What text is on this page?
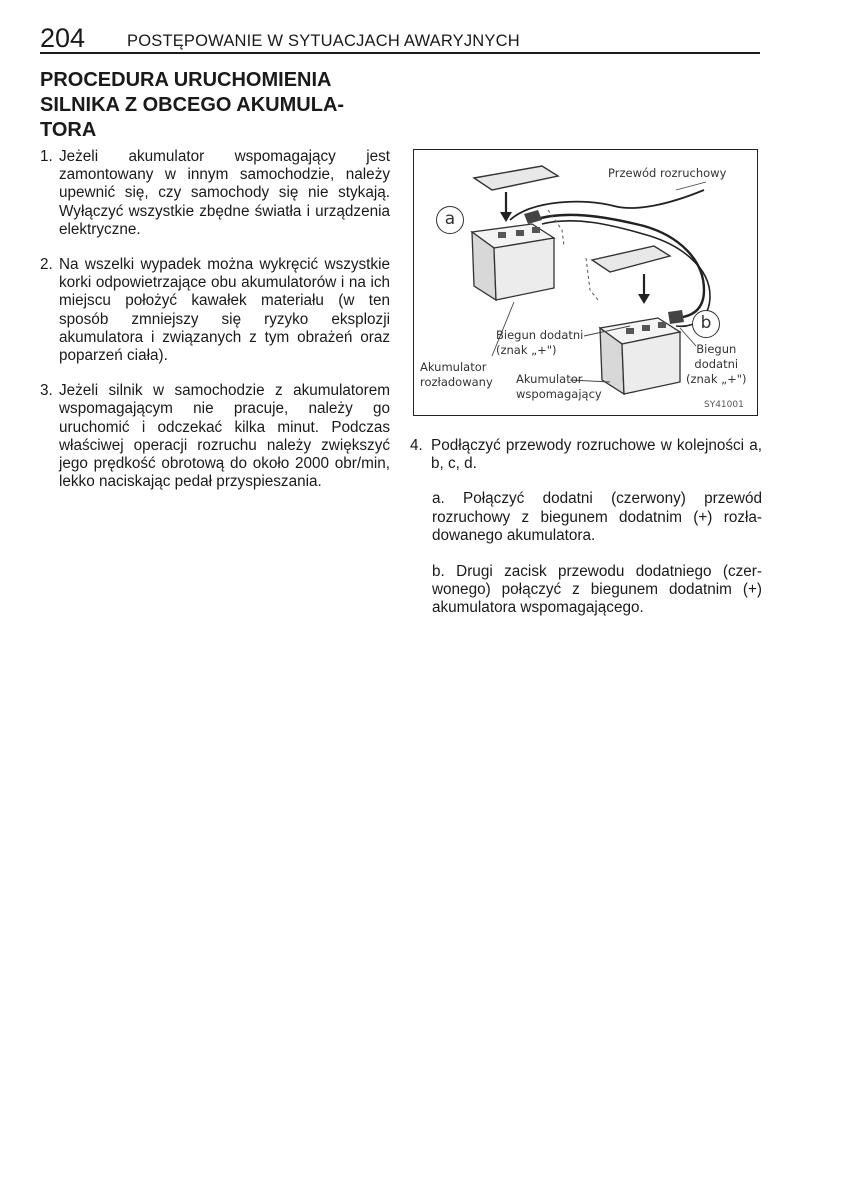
204	POSTĘPOWANIE W SYTUACJACH AWARYJNYCH
PROCEDURA URUCHOMIENIA
SILNIKA Z OBCEGO AKUMULA-
TORA
1. Jeżeli akumulator wspomagający jest zamontowany w innym samochodzie, należy upewnić się, czy samochody się nie stykają. Wyłączyć wszystkie zbędne światła i urządzenia elektryczne.
2. Na wszelki wypadek można wykręcić wszystkie korki odpowietrzające obu akumulatorów i na ich miejscu położyć kawałek materiału (w ten sposób zmniejszy się ryzyko eksplozji akumulatora i związanych z tym obrażeń oraz poparzeń ciała).
3. Jeżeli silnik w samochodzie z akumulatorem wspomagającym nie pracuje, należy go uruchomić i odczekać kilka minut. Podczas właściwej operacji rozruchu należy zwiększyć jego prędkość obrotową do około 2000 obr/min, lekko naciskając pedał przyspieszania.
a
b
Przewód rozruchowy
Biegun dodatni
(znak „+")	Biegun
dodatni
(znak „+")
Akumulator
rozładowany Akumulator
wspomagający
SY41001
4. Podłączyć przewody rozruchowe w kolejności a, b, c, d.
a. Połączyć dodatni (czerwony) przewód rozruchowy z biegunem dodatnim (+) rozładowanego akumulatora.
b. Drugi zacisk przewodu dodatniego (czerwonego) połączyć z biegunem dodatnim (+) akumulatora wspomagającego.
